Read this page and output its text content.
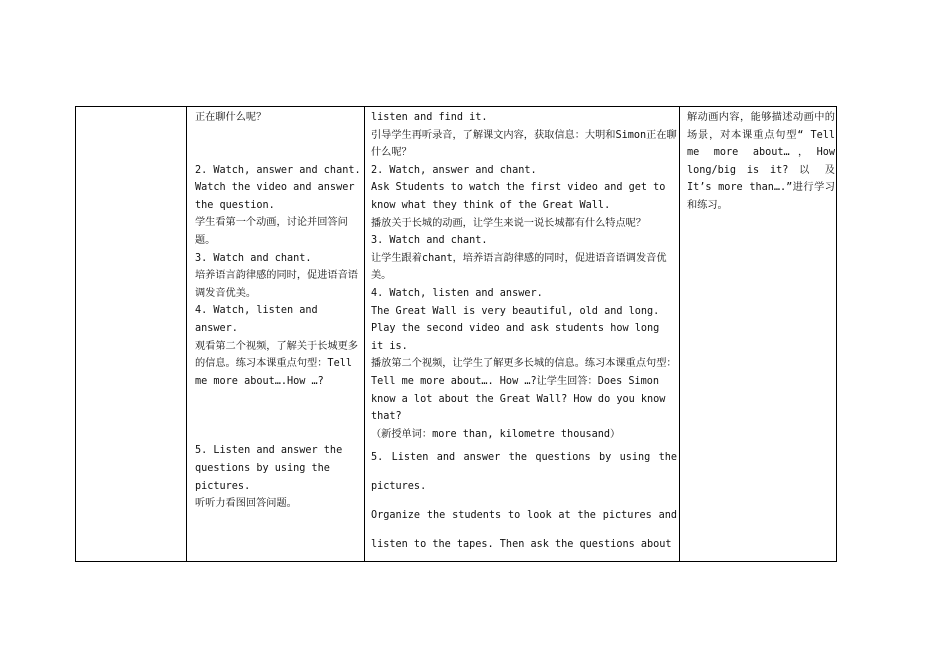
正在聊什么呢？

2. Watch, answer and chant. Watch the video and answer the question.

学生看第一个动画，讨论并回答问题。

3. Watch and chant.

培养语言韵律感的同时，促进语音语调发音优美。

4. Watch, listen and answer.

观看第二个视频，了解关于长城更多的信息。练习本课重点句型：Tell me more about….How …?

5. Listen and answer the questions by using the pictures.

听听力看图回答问题。

listen and find it.

引导学生再听录音，了解课文内容，获取信息：大明和Simon正在聊什么呢？

2. Watch, answer and chant.

Ask Students to watch the first video and get to know what they think of the Great Wall.

播放关于长城的动画，让学生来说一说长城都有什么特点呢？

3. Watch and chant.

让学生跟着chant，培养语言韵律感的同时，促进语音语调发音优美。

4. Watch, listen and answer.

The Great Wall is very beautiful, old and long.

Play the second video and ask students how long it is.

播放第二个视频，让学生了解更多长城的信息。练习本课重点句型：Tell me more about…. How …?让学生回答：Does Simon know a lot about the Great Wall? How do you know that?

（新授单词：more than, kilometre thousand）

5. Listen and answer the questions by using the pictures.

Organize the students to look at the pictures and listen to the tapes. Then ask the questions about

解动画内容，能够描述动画中的场景，对本课重点句型“ Tell me more about…，How long/big is it? 以 及 It’s more than….”进行学习和练习。
